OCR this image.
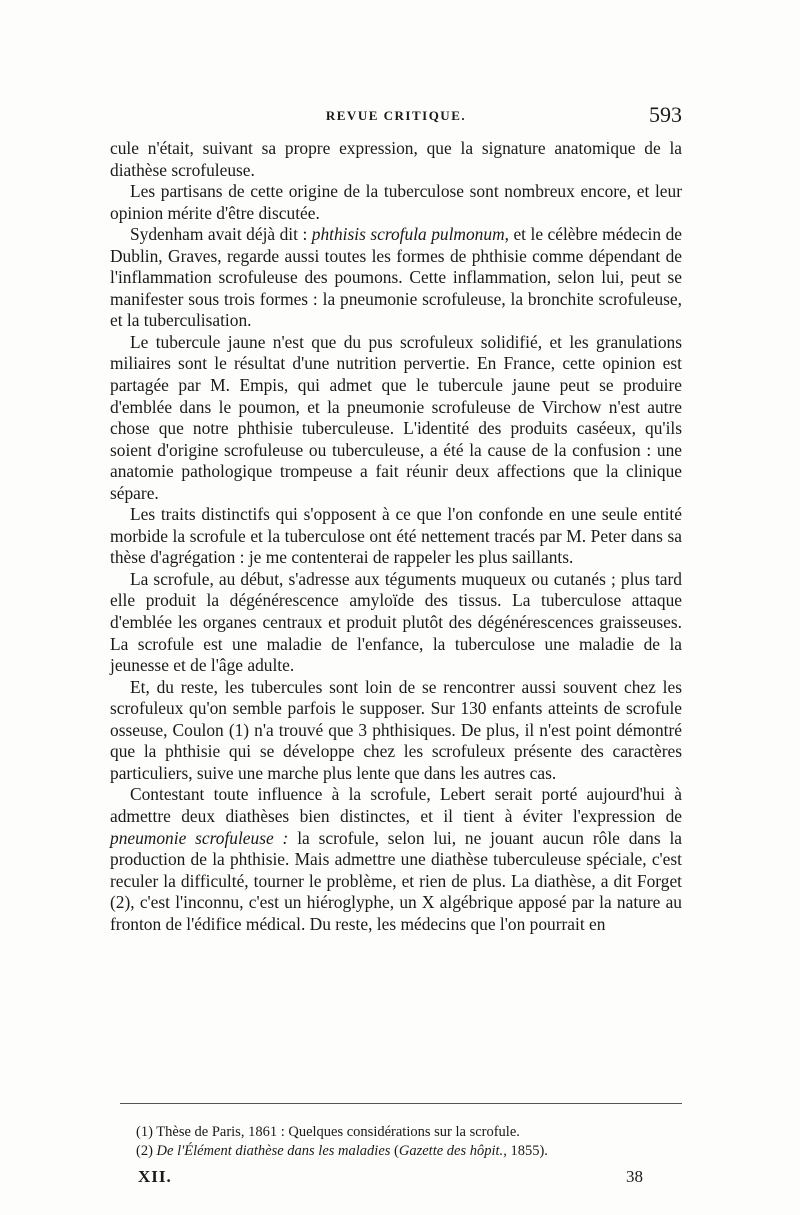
REVUE CRITIQUE.	593

cule n'était, suivant sa propre expression, que la signature anatomique de la diathèse scrofuleuse.

Les partisans de cette origine de la tuberculose sont nombreux encore, et leur opinion mérite d'être discutée.

Sydenham avait déjà dit : phthisis scrofula pulmonum, et le célèbre médecin de Dublin, Graves, regarde aussi toutes les formes de phthisie comme dépendant de l'inflammation scrofuleuse des poumons. Cette inflammation, selon lui, peut se manifester sous trois formes : la pneumonie scrofuleuse, la bronchite scrofuleuse, et la tuberculisation.

Le tubercule jaune n'est que du pus scrofuleux solidifié, et les granulations miliaires sont le résultat d'une nutrition pervertie. En France, cette opinion est partagée par M. Empis, qui admet que le tubercule jaune peut se produire d'emblée dans le poumon, et la pneumonie scrofuleuse de Virchow n'est autre chose que notre phthisie tuberculeuse. L'identité des produits caséeux, qu'ils soient d'origine scrofuleuse ou tuberculeuse, a été la cause de la confusion : une anatomie pathologique trompeuse a fait réunir deux affections que la clinique sépare.

Les traits distinctifs qui s'opposent à ce que l'on confonde en une seule entité morbide la scrofule et la tuberculose ont été nettement tracés par M. Peter dans sa thèse d'agrégation : je me contenterai de rappeler les plus saillants.

La scrofule, au début, s'adresse aux téguments muqueux ou cutanés ; plus tard elle produit la dégénérescence amyloïde des tissus. La tuberculose attaque d'emblée les organes centraux et produit plutôt des dégénérescences graisseuses. La scrofule est une maladie de l'enfance, la tuberculose une maladie de la jeunesse et de l'âge adulte.

Et, du reste, les tubercules sont loin de se rencontrer aussi souvent chez les scrofuleux qu'on semble parfois le supposer. Sur 130 enfants atteints de scrofule osseuse, Coulon (1) n'a trouvé que 3 phthisiques. De plus, il n'est point démontré que la phthisie qui se développe chez les scrofuleux présente des caractères particuliers, suive une marche plus lente que dans les autres cas.

Contestant toute influence à la scrofule, Lebert serait porté aujourd'hui à admettre deux diathèses bien distinctes, et il tient à éviter l'expression de pneumonie scrofuleuse : la scrofule, selon lui, ne jouant aucun rôle dans la production de la phthisie. Mais admettre une diathèse tuberculeuse spéciale, c'est reculer la difficulté, tourner le problème, et rien de plus. La diathèse, a dit Forget (2), c'est l'inconnu, c'est un hiéroglyphe, un X algébrique apposé par la nature au fronton de l'édifice médical. Du reste, les médecins que l'on pourrait en

(1) Thèse de Paris, 1861 : Quelques considérations sur la scrofule.
(2) De l'Élément diathèse dans les maladies (Gazette des hôpit., 1855).
XII.	38
